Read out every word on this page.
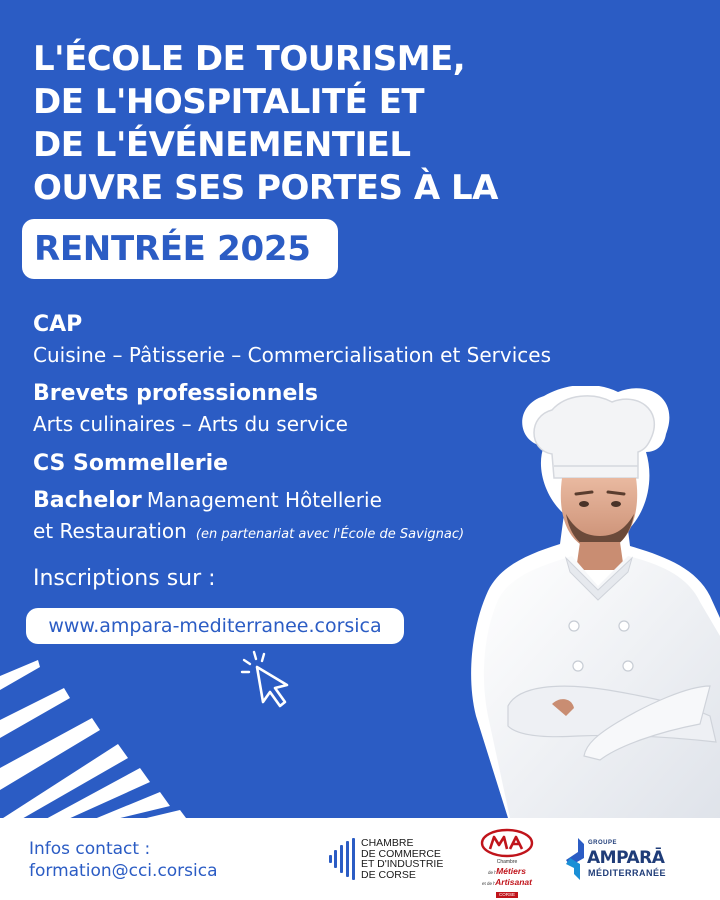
L'ÉCOLE DE TOURISME,
DE L'HOSPITALITÉ ET
DE L'ÉVÉNEMENTIEL
OUVRE SES PORTES À LA
RENTRÉE 2025
CAP
Cuisine – Pâtisserie – Commercialisation et Services
Brevets professionnels
Arts culinaires – Arts du service
CS Sommellerie
Bachelor Management Hôtellerie
et Restauration (en partenariat avec l'École de Savignac)
Inscriptions sur :
www.ampara-mediterranee.corsica
Infos contact :
formation@cci.corsica
CHAMBRE
DE COMMERCE
ET D'INDUSTRIE
DE CORSE
Chambre
de l'Métiers
et de l'Artisanat
CORSE
GROUPE
AMPARĀ
MÉDITERRANÉE
